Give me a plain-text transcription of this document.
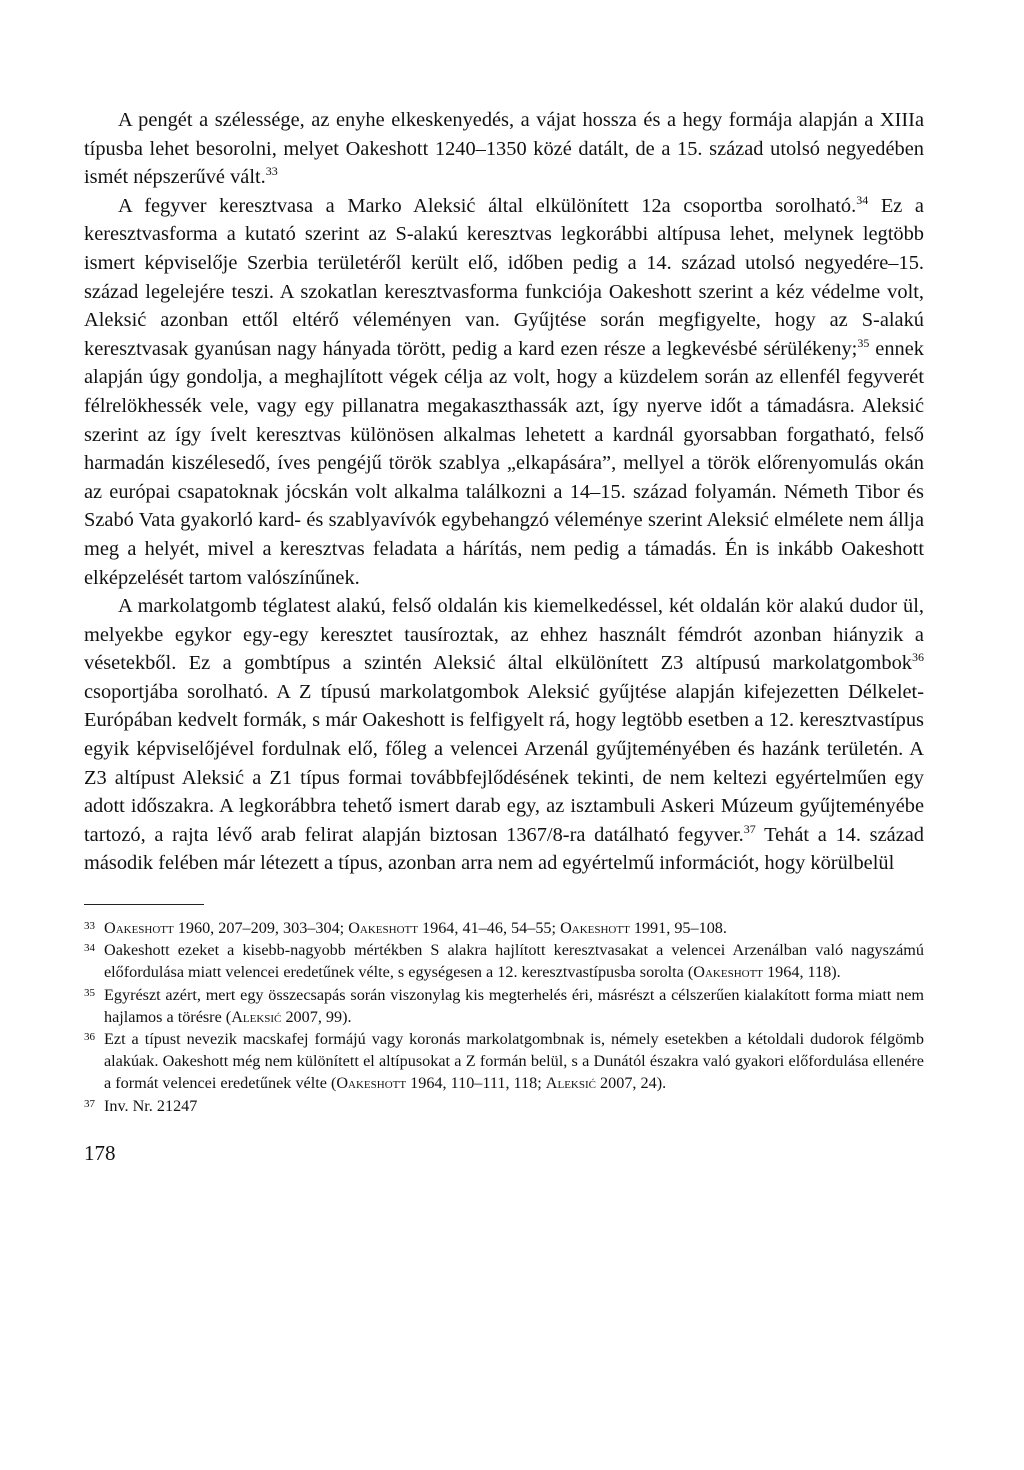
A pengét a szélessége, az enyhe elkeskenyedés, a vájat hossza és a hegy formája alapján a XIIIa típusba lehet besorolni, melyet Oakeshott 1240–1350 közé datált, de a 15. század utolsó negyedében ismét népszerűvé vált.$^{33}$

A fegyver keresztvasa a Marko Aleksić által elkülönített 12a csoportba sorolható.$^{34}$ Ez a keresztvasforma a kutató szerint az S-alakú keresztvas legkorábbi altípusa lehet, melynek legtöbb ismert képviselője Szerbia területéről került elő, időben pedig a 14. század utolsó negyedére–15. század legelejére teszi. A szokatlan keresztvasforma funkciója Oakeshott szerint a kéz védelme volt, Aleksić azonban ettől eltérő véleményen van. Gyűjtése során megfigyelte, hogy az S-alakú keresztvasak gyanúsan nagy hányada törött, pedig a kard ezen része a legkevésbé sérülékeny;$^{35}$ ennek alapján úgy gondolja, a meghajlított végek célja az volt, hogy a küzdelem során az ellenfél fegyverét félrelökhessék vele, vagy egy pillanatra megakaszthassák azt, így nyerve időt a támadásra. Aleksić szerint az így ívelt keresztvas különösen alkalmas lehetett a kardnál gyorsabban forgatható, felső harmadán kiszélesedő, íves pengéjű török szablya „elkapására”, mellyel a török előrenyomulás okán az európai csapatoknak jócskán volt alkalma találkozni a 14–15. század folyamán. Németh Tibor és Szabó Vata gyakorló kard- és szablyavívók egybehangzó véleménye szerint Aleksić elmélete nem állja meg a helyét, mivel a keresztvas feladata a hárítás, nem pedig a támadás. Én is inkább Oakeshott elképzelését tartom valószínűnek.

A markolatgomb téglatest alakú, felső oldalán kis kiemelkedéssel, két oldalán kör alakú dudor ül, melyekbe egykor egy-egy keresztet tausíroztak, az ehhez használt fémdrót azonban hiányzik a vésetekből. Ez a gombtípus a szintén Aleksić által elkülönített Z3 altípusú markolatgombok$^{36}$ csoportjába sorolható. A Z típusú markolatgombok Aleksić gyűjtése alapján kifejezetten Délkelet-Európában kedvelt formák, s már Oakeshott is felfigyelt rá, hogy legtöbb esetben a 12. keresztvastípus egyik képviselőjével fordulnak elő, főleg a velencei Arzenál gyűjteményében és hazánk területén. A Z3 altípust Aleksić a Z1 típus formai továbbfejlődésének tekinti, de nem keltezi egyértelműen egy adott időszakra. A legkorábbra tehető ismert darab egy, az isztambuli Askeri Múzeum gyűjteményébe tartozó, a rajta lévő arab felirat alapján biztosan 1367/8-ra datálható fegyver.$^{37}$ Tehát a 14. század második felében már létezett a típus, azonban arra nem ad egyértelmű információt, hogy körülbelül

33 Oakeshott 1960, 207–209, 303–304; Oakeshott 1964, 41–46, 54–55; Oakeshott 1991, 95–108.
34 Oakeshott ezeket a kisebb-nagyobb mértékben S alakra hajlított keresztvasakat a velencei Arzenálban való nagyszámú előfordulása miatt velencei eredetűnek vélte, s egységesen a 12. keresztvastípusba sorolta (Oakeshott 1964, 118).
35 Egyrészt azért, mert egy összecsapás során viszonylag kis megterhelés éri, másrészt a célszerűen kialakított forma miatt nem hajlamos a törésre (Aleksić 2007, 99).
36 Ezt a típust nevezik macskafej formájú vagy koronás markolatgombnak is, némely esetekben a kétoldali dudorok félgömb alakúak. Oakeshott még nem különített el altípusokat a Z formán belül, s a Dunától északra való gyakori előfordulása ellenére a formát velencei eredetűnek vélte (Oakeshott 1964, 110–111, 118; Aleksić 2007, 24).
37 Inv. Nr. 21247
178
